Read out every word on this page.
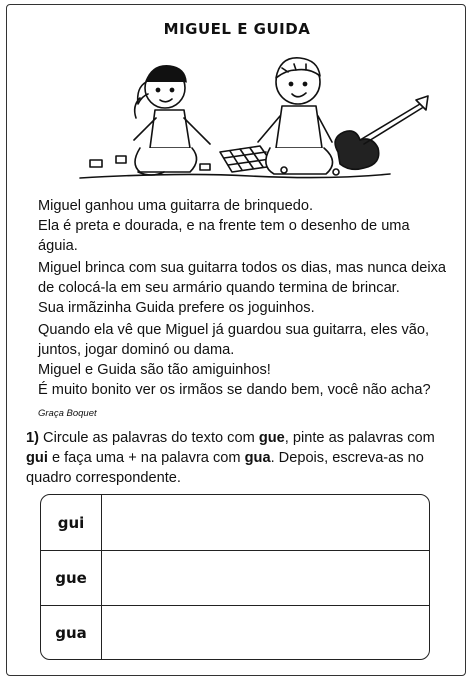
MIGUEL E GUIDA
Miguel ganhou uma guitarra de brinquedo.
Ela é preta e dourada, e na frente tem o desenho de uma
águia.
Miguel brinca com sua guitarra todos os dias, mas nunca deixa
de colocá-la em seu armário quando termina de brincar.
Sua irmãzinha Guida prefere os joguinhos.
Quando ela vê que Miguel já guardou sua guitarra, eles vão,
juntos, jogar dominó ou dama.
Miguel e Guida são tão amiguinhos!
É muito bonito ver os irmãos se dando bem, você não acha?
Graça Boquet
1) Circule as palavras do texto com gue, pinte as palavras com gui e faça uma + na palavra com gua. Depois, escreva-as no quadro correspondente.
gui
gue
gua
